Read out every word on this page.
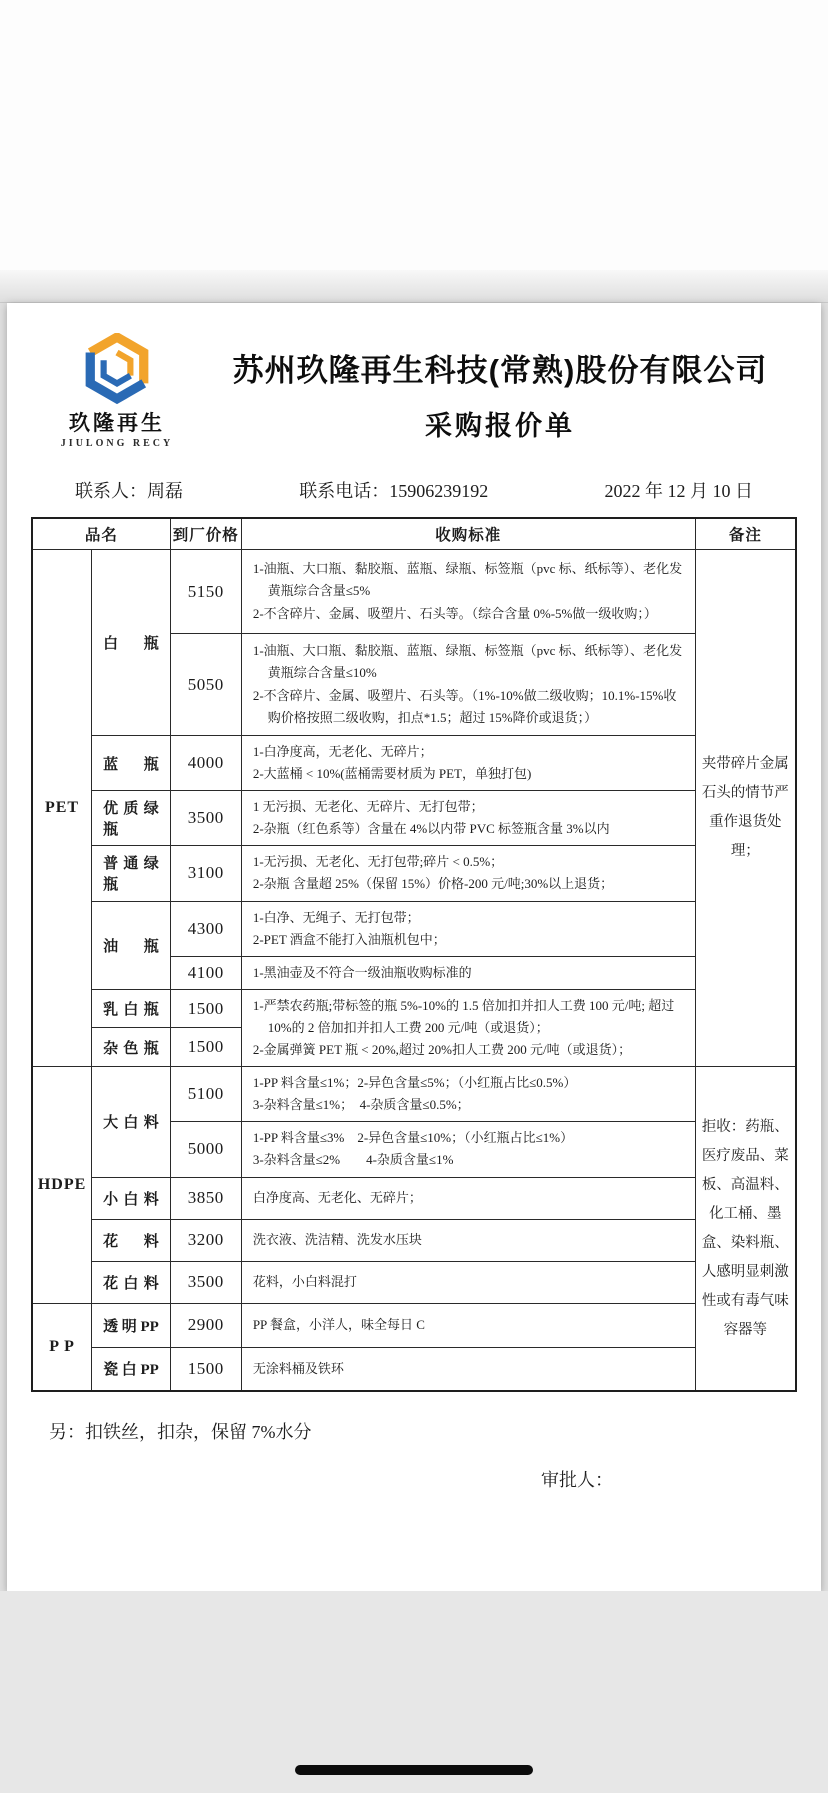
玖隆再生
JIULONG RECY
苏州玖隆再生科技(常熟)股份有限公司
采购报价单
联系人：周磊	联系电话：15906239192	2022 年 12 月 10 日
品名		到厂价格	收购标准	备注
PET	白瓶	5150	1-油瓶、大口瓶、黏胶瓶、蓝瓶、绿瓶、标签瓶（pvc 标、纸标等）、老化发黄瓶综合含量≤5%
2-不含碎片、金属、吸塑片、石头等。（综合含量 0%-5%做一级收购；）	夹带碎片金属石头的情节严重作退货处理；
		5050	1-油瓶、大口瓶、黏胶瓶、蓝瓶、绿瓶、标签瓶（pvc 标、纸标等）、老化发黄瓶综合含量≤10%
2-不含碎片、金属、吸塑片、石头等。（1%-10%做二级收购；10.1%-15%收购价格按照二级收购，扣点*1.5；超过 15%降价或退货；）	

	蓝瓶	4000	1-白净度高，无老化、无碎片；
2-大蓝桶 < 10%(蓝桶需要材质为 PET，单独打包)	

	优质绿瓶	3500	1 无污损、无老化、无碎片、无打包带；
2-杂瓶（红色系等）含量在 4%以内带 PVC 标签瓶含量 3%以内	

	普通绿瓶	3100	1-无污损、无老化、无打包带;碎片 < 0.5%；
2-杂瓶 含量超 25%（保留 15%）价格-200 元/吨;30%以上退货；	

	油瓶	4300	1-白净、无绳子、无打包带；
2-PET 酒盒不能打入油瓶机包中；	

		4100	1-黑油壶及不符合一级油瓶收购标准的	

	乳白瓶	1500	1-严禁农药瓶;带标签的瓶 5%-10%的 1.5 倍加扣并扣人工费 100 元/吨; 超过 10%的 2 倍加扣并扣人工费 200 元/吨（或退货）；
2-金属弹簧 PET 瓶 < 20%,超过 20%扣人工费 200 元/吨（或退货）；	

	杂色瓶	1500		
HDPE	大白料	5100	1-PP 料含量≤1%；2-异色含量≤5%；（小红瓶占比≤0.5%）
3-杂料含量≤1%；　4-杂质含量≤0.5%；	拒收：药瓶、医疗废品、菜板、高温料、化工桶、墨盒、染料瓶、人感明显刺激性或有毒气味容器等
		5000	1-PP 料含量≤3%　2-异色含量≤10%；（小红瓶占比≤1%）
3-杂料含量≤2%　　4-杂质含量≤1%	

	小白料	3850	白净度高、无老化、无碎片；	

	花料	3200	洗衣液、洗洁精、洗发水压块	

	花白料	3500	花料，小白料混打	

P P	透明PP	2900	PP 餐盒，小洋人，味全每日 C	

	瓷白PP	1500	无涂料桶及铁环	
另：扣铁丝，扣杂，保留 7%水分
审批人：
